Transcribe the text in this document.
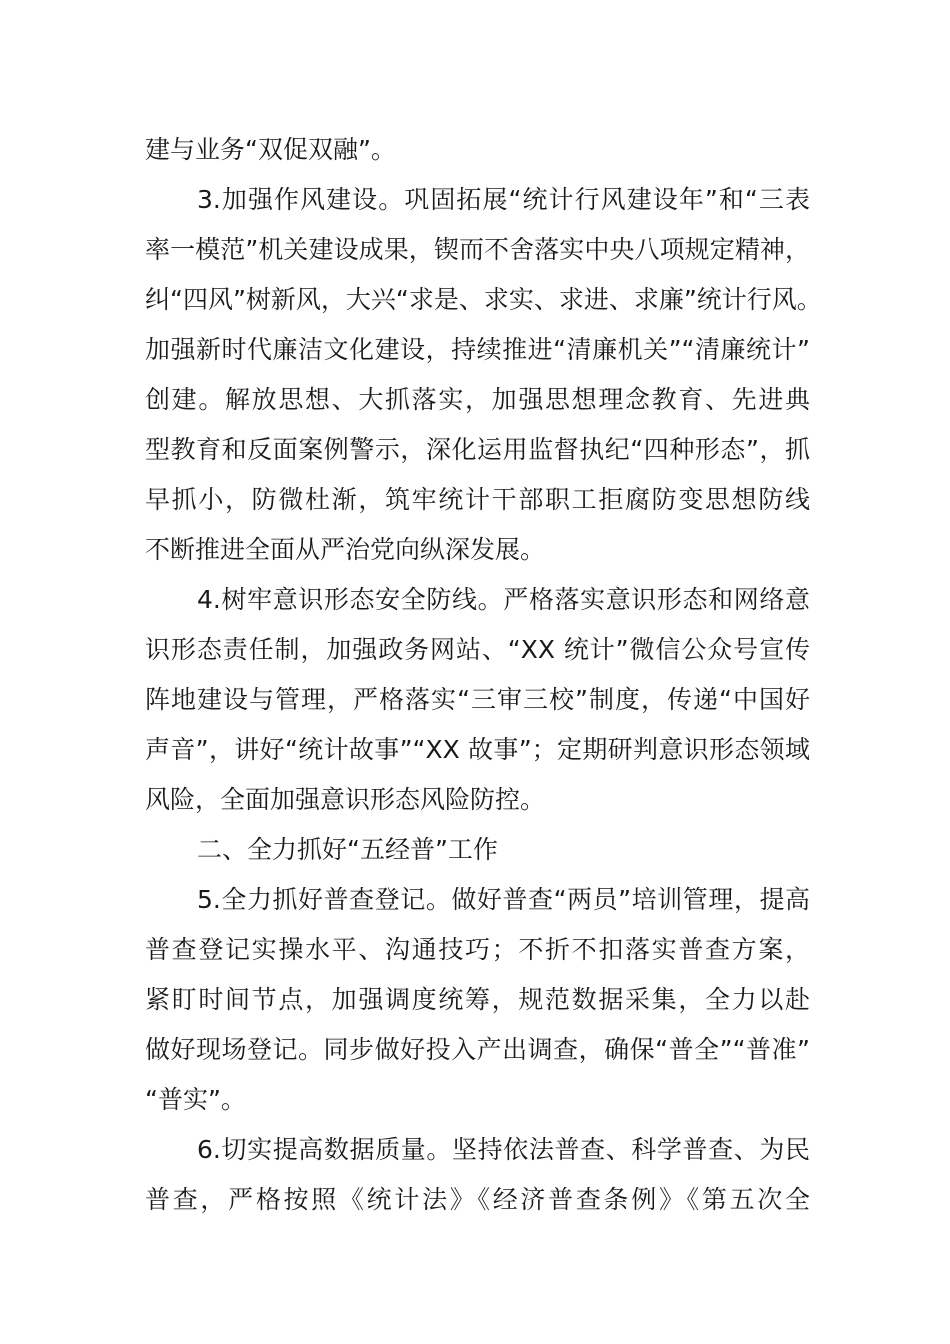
建与业务“双促双融”。
3.加强作风建设。巩固拓展“统计行风建设年”和“三表
率一模范”机关建设成果，锲而不舍落实中央八项规定精神，
纠“四风”树新风，大兴“求是、求实、求进、求廉”统计行风。
加强新时代廉洁文化建设，持续推进“清廉机关”“清廉统计”
创建。解放思想、大抓落实，加强思想理念教育、先进典
型教育和反面案例警示，深化运用监督执纪“四种形态”，抓
早抓小，防微杜渐，筑牢统计干部职工拒腐防变思想防线
不断推进全面从严治党向纵深发展。
4.树牢意识形态安全防线。严格落实意识形态和网络意
识形态责任制，加强政务网站、“XX 统计”微信公众号宣传
阵地建设与管理，严格落实“三审三校”制度，传递“中国好
声音”，讲好“统计故事”“XX 故事”；定期研判意识形态领域
风险，全面加强意识形态风险防控。
二、全力抓好“五经普”工作
5.全力抓好普查登记。做好普查“两员”培训管理，提高
普查登记实操水平、沟通技巧；不折不扣落实普查方案，
紧盯时间节点，加强调度统筹，规范数据采集，全力以赴
做好现场登记。同步做好投入产出调查，确保“普全”“普准”
“普实”。
6.切实提高数据质量。坚持依法普查、科学普查、为民
普查，严格按照《统计法》《经济普查条例》《第五次全
